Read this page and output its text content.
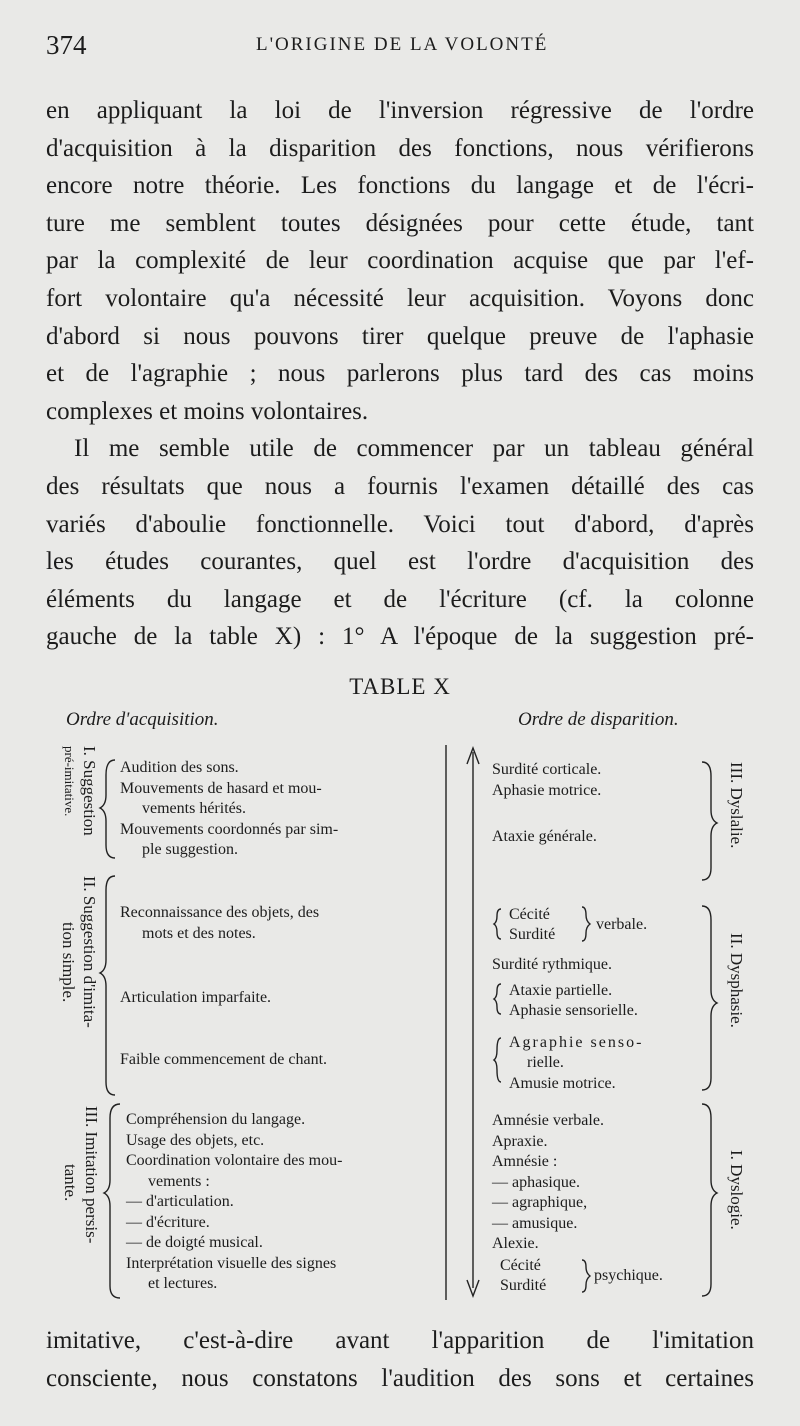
374	L'ORIGINE DE LA VOLONTÉ
en appliquant la loi de l'inversion régressive de l'ordre
d'acquisition à la disparition des fonctions, nous vérifierons
encore notre théorie. Les fonctions du langage et de l'écri-
ture me semblent toutes désignées pour cette étude, tant
par la complexité de leur coordination acquise que par l'ef-
fort volontaire qu'a nécessité leur acquisition. Voyons donc
d'abord si nous pouvons tirer quelque preuve de l'aphasie
et de l'agraphie ; nous parlerons plus tard des cas moins
complexes et moins volontaires.
Il me semble utile de commencer par un tableau général
des résultats que nous a fournis l'examen détaillé des cas
variés d'aboulie fonctionnelle. Voici tout d'abord, d'après
les études courantes, quel est l'ordre d'acquisition des
éléments du langage et de l'écriture (cf. la colonne
gauche de la table X) : 1° A l'époque de la suggestion pré-
TABLE X
Ordre d'acquisition.	Ordre de disparition.
I. Suggestion
pré-imitative.
II. Suggestion d'imita-
tion simple.
III. Imitation persis-
tante.
III. Dyslalie.
II. Dysphasie.
I. Dyslogie.
Audition des sons.
Mouvements de hasard et mou-
vements hérités.
Mouvements coordonnés par sim-
ple suggestion.
Reconnaissance des objets, des
mots et des notes.
Articulation imparfaite.
Faible commencement de chant.
Compréhension du langage.
Usage des objets, etc.
Coordination volontaire des mou-
vements :
— d'articulation.
— d'écriture.
— de doigté musical.
Interprétation visuelle des signes
et lectures.
Surdité corticale.
Aphasie motrice.
Ataxie générale.
Cécité
Surdité
verbale.
Surdité rythmique.
Ataxie partielle.
Aphasie sensorielle.
Agraphie senso-
rielle.
Amusie motrice.
Amnésie verbale.
Apraxie.
Amnésie :
— aphasique.
— agraphique,
— amusique.
Alexie.
Cécité
Surdité
psychique.
imitative, c'est-à-dire avant l'apparition de l'imitation
consciente, nous constatons l'audition des sons et certaines
